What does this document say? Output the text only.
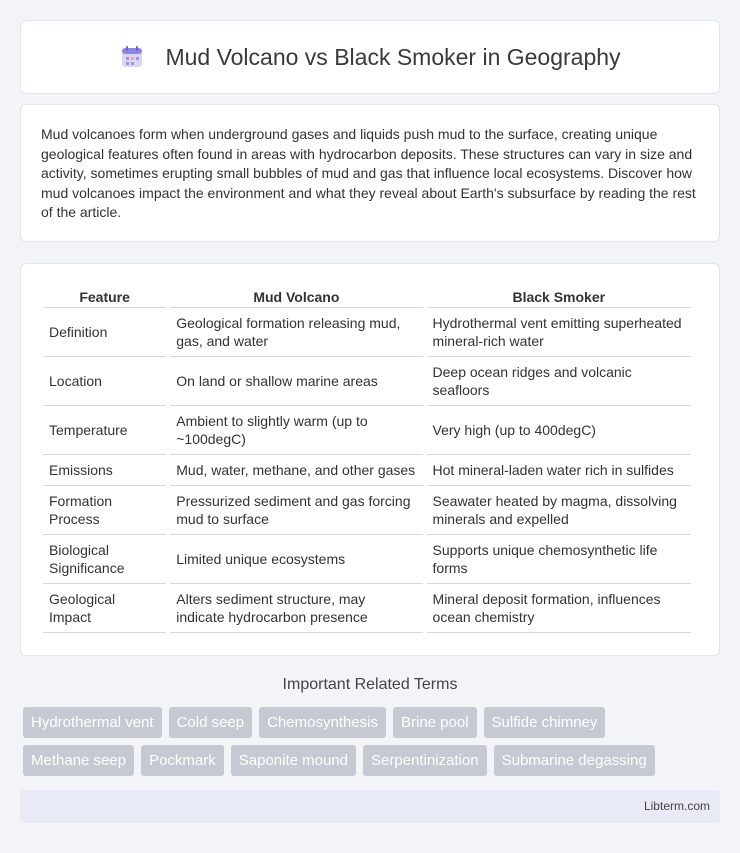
Mud Volcano vs Black Smoker in Geography

Mud volcanoes form when underground gases and liquids push mud to the surface, creating unique geological features often found in areas with hydrocarbon deposits. These structures can vary in size and activity, sometimes erupting small bubbles of mud and gas that influence local ecosystems. Discover how mud volcanoes impact the environment and what they reveal about Earth's subsurface by reading the rest of the article.

Feature	Mud Volcano	Black Smoker
Definition	Geological formation releasing mud, gas, and water	Hydrothermal vent emitting superheated mineral-rich water
Location	On land or shallow marine areas	Deep ocean ridges and volcanic seafloors
Temperature	Ambient to slightly warm (up to ~100degC)	Very high (up to 400degC)
Emissions	Mud, water, methane, and other gases	Hot mineral-laden water rich in sulfides
Formation Process	Pressurized sediment and gas forcing mud to surface	Seawater heated by magma, dissolving minerals and expelled
Biological Significance	Limited unique ecosystems	Supports unique chemosynthetic life forms
Geological Impact	Alters sediment structure, may indicate hydrocarbon presence	Mineral deposit formation, influences ocean chemistry
Important Related Terms
Hydrothermal vent	Cold seep	Chemosynthesis	Brine pool	Sulfide chimney
Methane seep	Pockmark	Saponite mound	Serpentinization	Submarine degassing
Libterm.com
